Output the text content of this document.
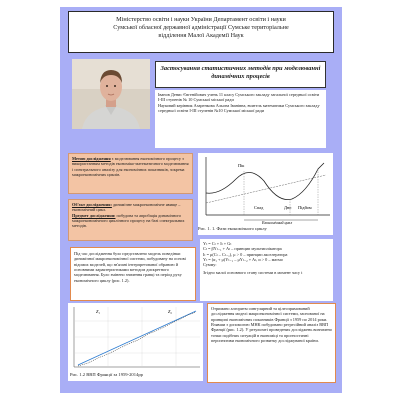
Міністерство освіти і науки України Департамент освіти і науки
Сумської обласної державної адміністрації Сумське територіальне
відділення Малої Академії Наук
Застосування статистичних методів при моделюванні динамічних процесів
Іванов Денис Євгенійович учень 11 класу Сумського закладу загальної середньої освіти І-ІІІ ступенів № 10 Сумської міської ради
Науковий керівник Азаренкова Альона Іванівна, вчитель математики Сумського закладу середньої освіти І-ІІІ ступенів №10 Сумської міської ради
Метою дослідження є моделювання економічного процесу з використанням методів економіко-математичного моделювання і спектрального аналізу для економічних показників, зокрема макроекономічних циклів.
Об'єкт дослідження: динамічне макроекономічне явище – економічний цикл.
Предмет дослідження: побудова та апробація динамічного макроекономічного циклічного процесу на базі спектральних методів.
Пік
Спад	Дно Підйом
Економічний цикл
Рис. 1. 1. Фази економічного циклу
Під час дослідження було представлено модель поведінки динамічної макроекономічної системи, побудовану на основі відомих моделей, що зв'язані інтерпретованої обраною й основними характеристиками методом дискретного моделювання. Було змінено значення гравці та період руху економічного циклу (рис. 1.2).
Yₜ = Cₜ + Iₜ + Gₜ
Cₜ = βYₜ₋₁ + Aₜ – принцип мультиплікатора
Iₜ = μ(Cₜ – Cₜ₋₁), μ > 0 – принцип акселератора
Yₜ = (α₁ + μ)Yₜ₋₁ – μYₜ₋₂ + Aₜ, α > 0 – маємо
Сумму:
Згідно малої основного стану системи в момент часу t
Z₁	Z₂
Рис. 1.2 ВВП Франції за 1959-2014рр
Отримано алгоритм сингулярний та цілеспрямований дослідження моделі макроекономічної системи, заснованої на принципі економічних показників Франції з 1959 по 2014 роки. Взявши з допомогою МНК побудовано регресійний аналіз ВВП Франції (рис. 1.2). У результаті проведених досліджень визначено точки подібних ситуацій в економіці та прогностичні перспективи економічного розвитку досліджуваної країни.
